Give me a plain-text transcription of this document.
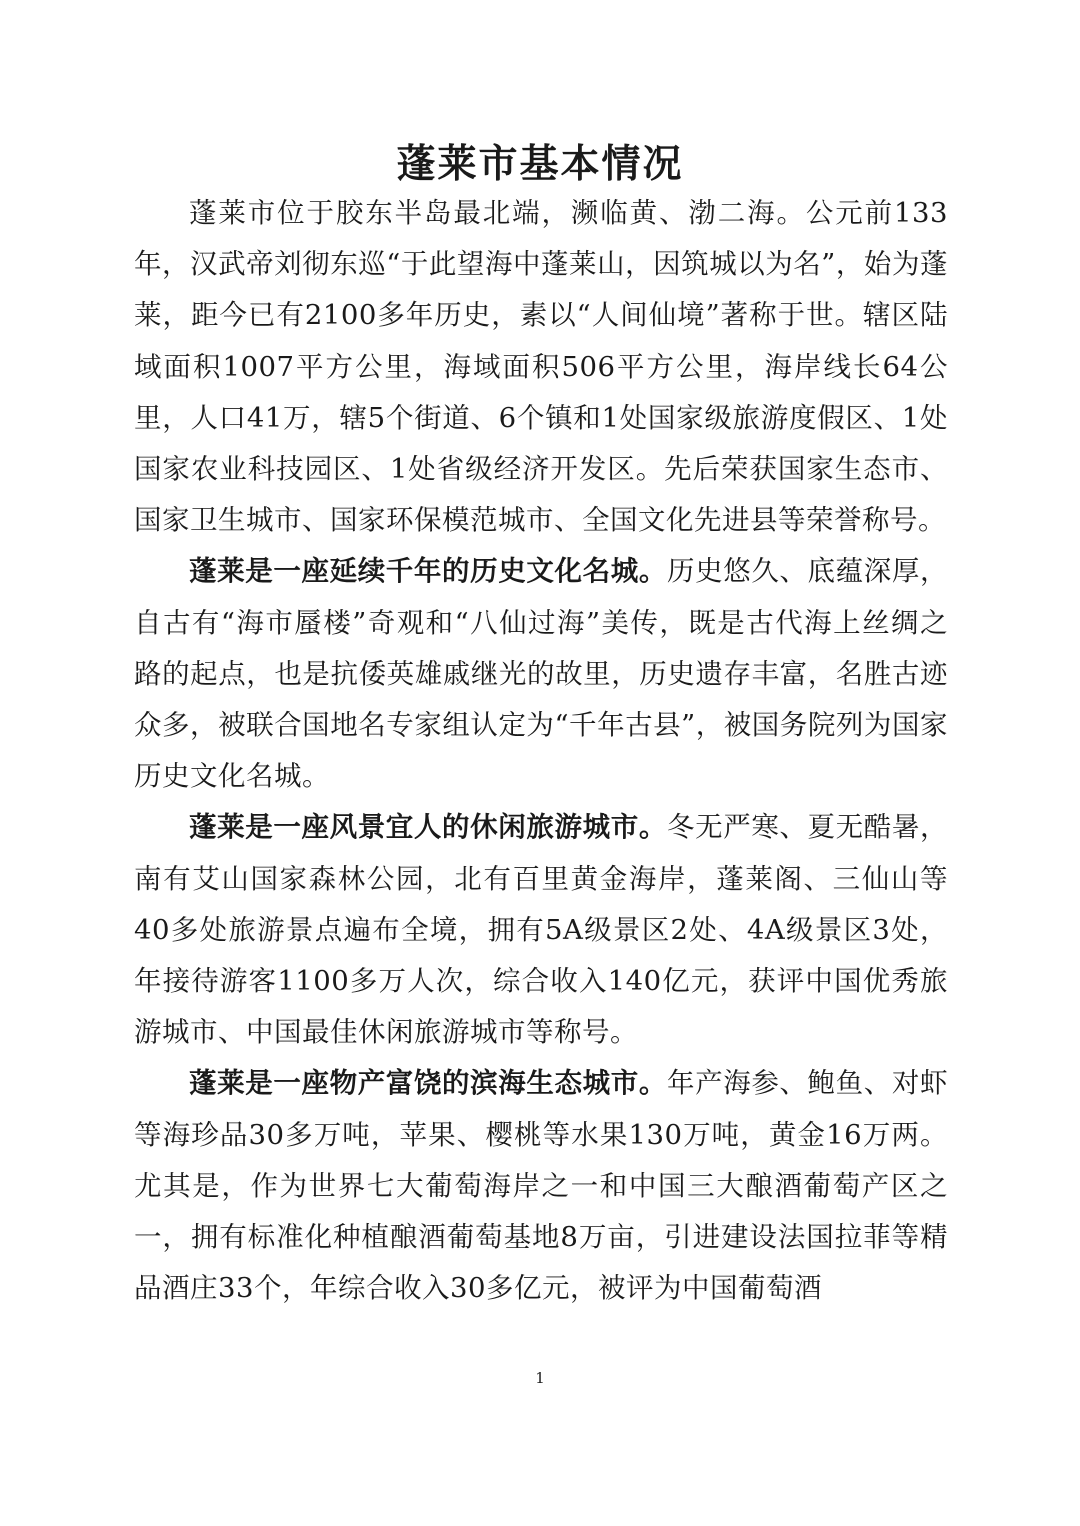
蓬莱市基本情况

蓬莱市位于胶东半岛最北端，濒临黄、渤二海。公元前133年，汉武帝刘彻东巡“于此望海中蓬莱山，因筑城以为名”，始为蓬莱，距今已有2100多年历史，素以“人间仙境”著称于世。辖区陆域面积1007平方公里，海域面积506平方公里，海岸线长64公里，人口41万，辖5个街道、6个镇和1处国家级旅游度假区、1处国家农业科技园区、1处省级经济开发区。先后荣获国家生态市、国家卫生城市、国家环保模范城市、全国文化先进县等荣誉称号。

蓬莱是一座延续千年的历史文化名城。历史悠久、底蕴深厚，自古有“海市蜃楼”奇观和“八仙过海”美传，既是古代海上丝绸之路的起点，也是抗倭英雄戚继光的故里，历史遗存丰富，名胜古迹众多，被联合国地名专家组认定为“千年古县”，被国务院列为国家历史文化名城。

蓬莱是一座风景宜人的休闲旅游城市。冬无严寒、夏无酷暑，南有艾山国家森林公园，北有百里黄金海岸，蓬莱阁、三仙山等40多处旅游景点遍布全境，拥有5A级景区2处、4A级景区3处，年接待游客1100多万人次，综合收入140亿元，获评中国优秀旅游城市、中国最佳休闲旅游城市等称号。

蓬莱是一座物产富饶的滨海生态城市。年产海参、鲍鱼、对虾等海珍品30多万吨，苹果、樱桃等水果130万吨，黄金16万两。尤其是，作为世界七大葡萄海岸之一和中国三大酿酒葡萄产区之一，拥有标准化种植酿酒葡萄基地8万亩，引进建设法国拉菲等精品酒庄33个，年综合收入30多亿元，被评为中国葡萄酒

1
